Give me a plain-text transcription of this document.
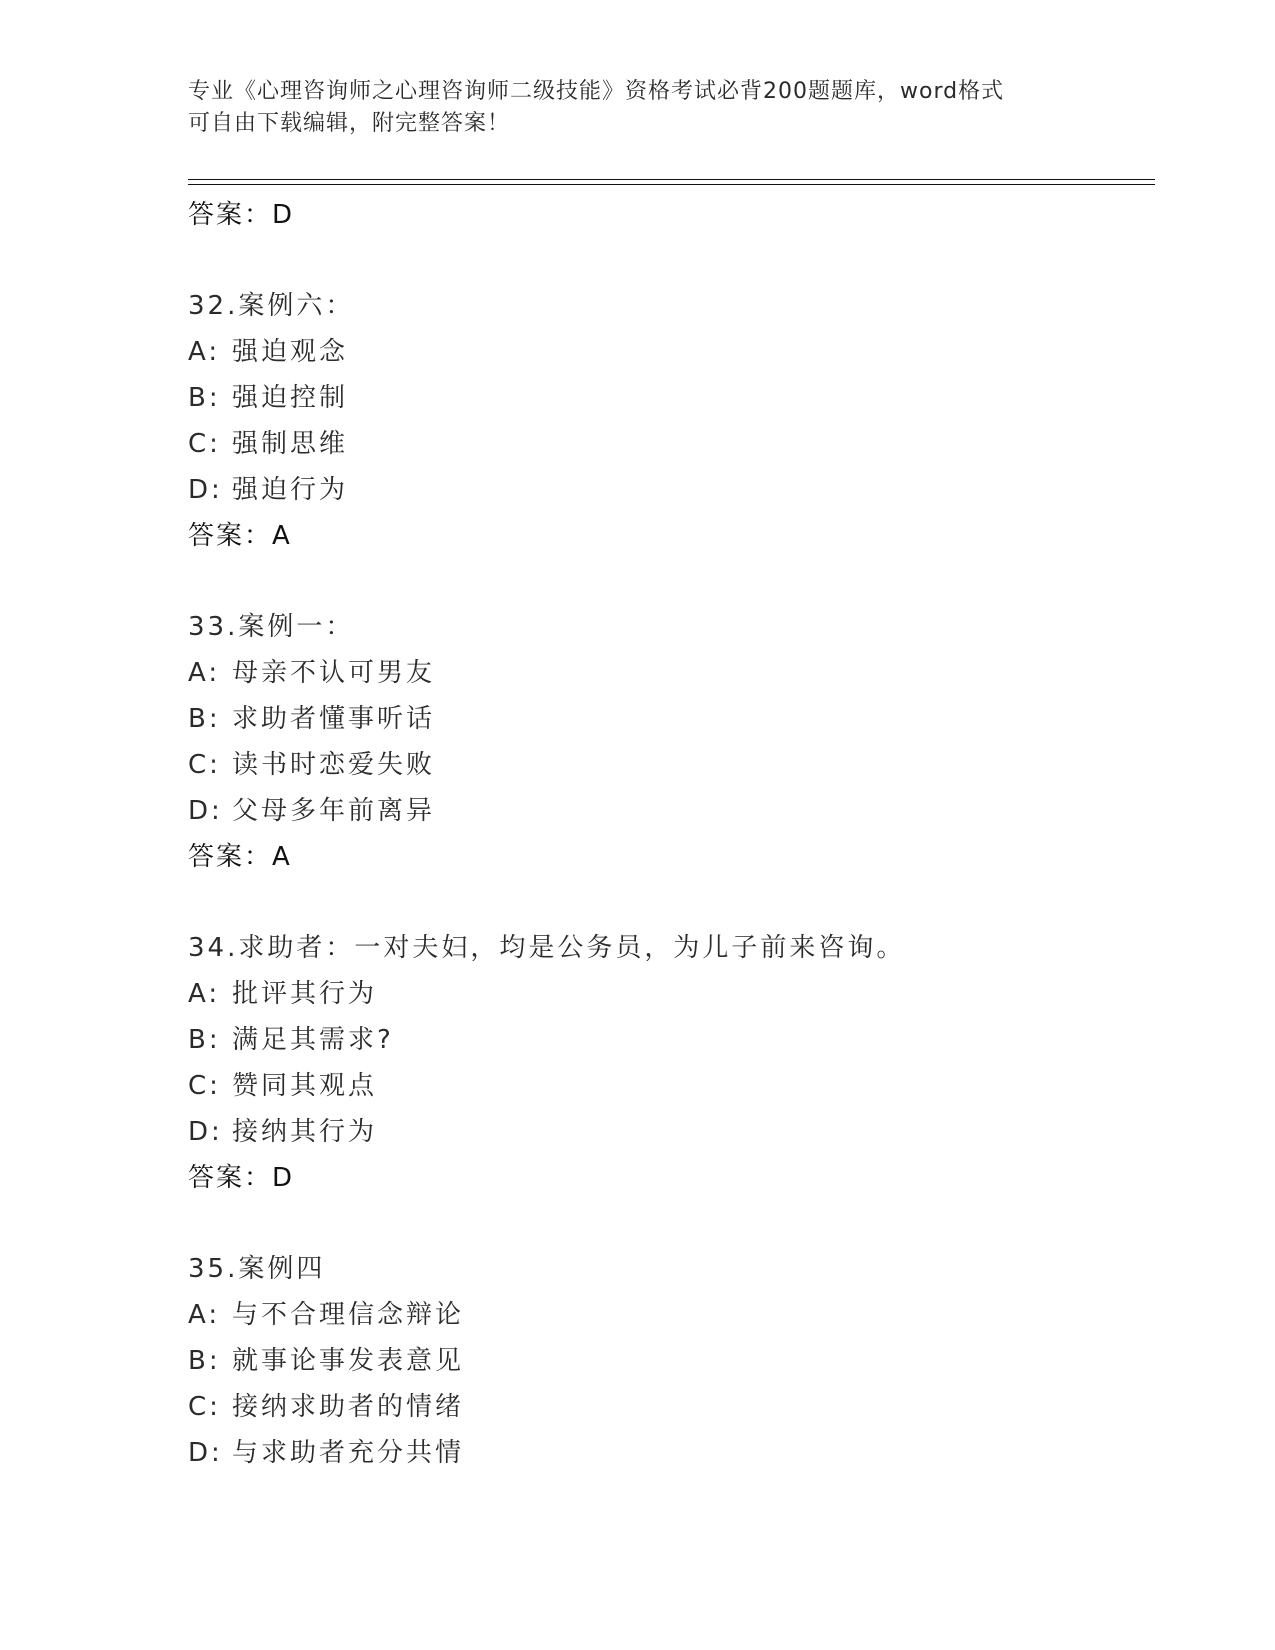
专业《心理咨询师之心理咨询师二级技能》资格考试必背200题题库，word格式
可自由下载编辑，附完整答案！
答案：D
32.案例六：
A: 强迫观念
B: 强迫控制
C: 强制思维
D: 强迫行为
答案：A
33.案例一：
A: 母亲不认可男友
B: 求助者懂事听话
C: 读书时恋爱失败
D: 父母多年前离异
答案：A
34.求助者：一对夫妇，均是公务员，为儿子前来咨询。
A: 批评其行为
B: 满足其需求?
C: 赞同其观点
D: 接纳其行为
答案：D
35.案例四
A: 与不合理信念辩论
B: 就事论事发表意见
C: 接纳求助者的情绪
D: 与求助者充分共情
